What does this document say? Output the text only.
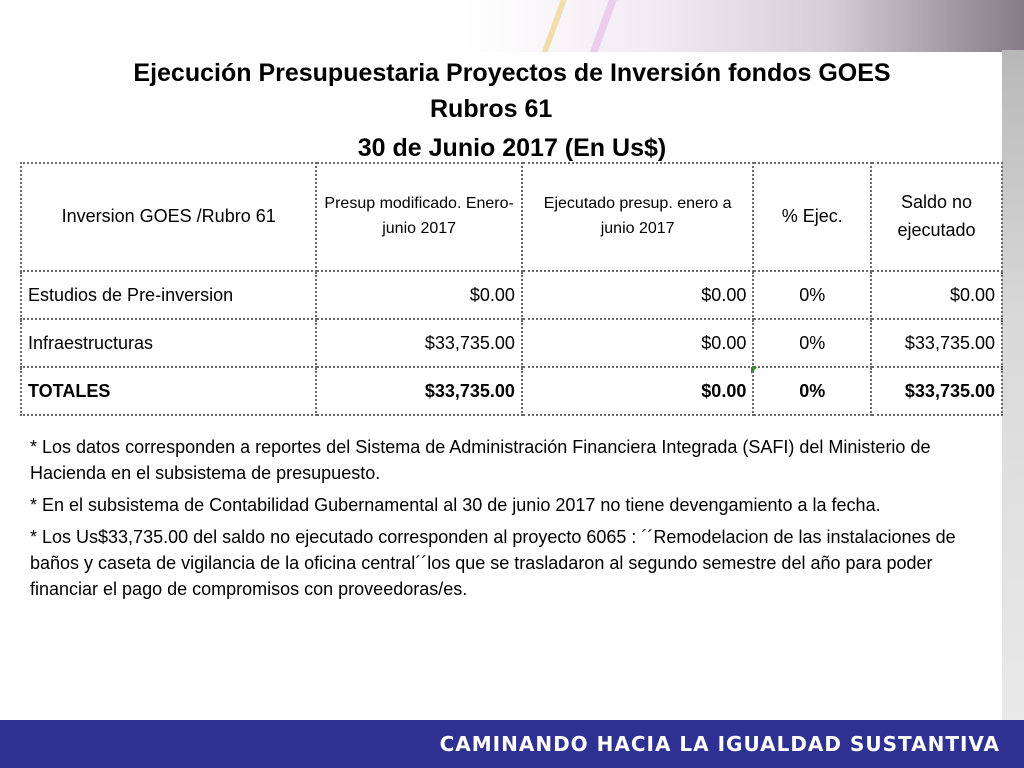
Ejecución Presupuestaria Proyectos de Inversión fondos GOES
Rubros 61
30 de Junio 2017 (En Us$)
Inversion GOES /Rubro 61	Presup modificado. Enero-junio 2017	Ejecutado presup. enero a junio 2017	% Ejec.	Saldo no ejecutado
Estudios de Pre-inversion	$0.00	$0.00	0%	$0.00
Infraestructuras	$33,735.00	$0.00	0%	$33,735.00
TOTALES	$33,735.00	$0.00	0%	$33,735.00

* Los datos corresponden a reportes del Sistema de Administración Financiera Integrada (SAFI) del Ministerio de Hacienda en el subsistema de presupuesto.

* En el subsistema de Contabilidad Gubernamental al 30 de junio 2017 no tiene devengamiento a la fecha.

* Los Us$33,735.00 del saldo no ejecutado corresponden al proyecto 6065 : ´´Remodelacion de las instalaciones de baños y caseta de vigilancia de la oficina central´´los que se trasladaron al segundo semestre del año para poder financiar el pago de compromisos con proveedoras/es.

CAMINANDO HACIA LA IGUALDAD SUSTANTIVA
